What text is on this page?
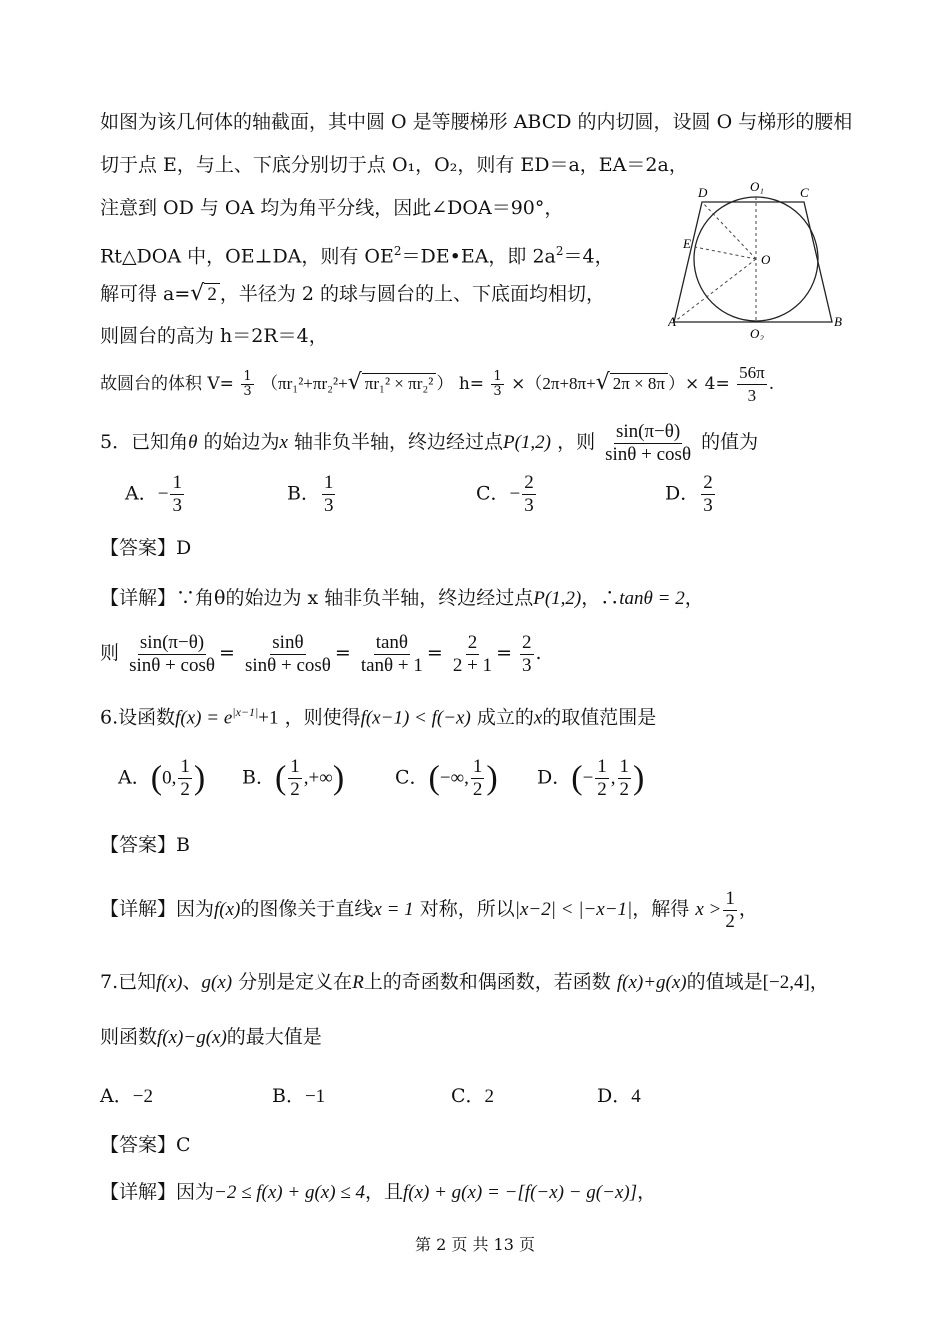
如图为该几何体的轴截面，其中圆 O 是等腰梯形 ABCD 的内切圆，设圆 O 与梯形的腰相
切于点 E，与上、下底分别切于点 O₁，O₂，则有 ED＝a，EA＝2a，
注意到 OD 与 OA 均为角平分线，因此∠DOA＝90°，
Rt△DOA 中，OE⊥DA，则有 $OE^2=DE•EA$，即 $2a^2=4$，
解可得 a=√ 2 ，半径为 2 的球与圆台的上、下底面均相切，
则圆台的高为 h＝2R＝4，
故圆台的体积 $V= \frac{1}{3} (\pi r_1^2+\pi r_2^2+√$ πr₁² × πr₂² ） $h= \frac{1}{3} \times(2\pi+8\pi+√$ 2π × 8π ）× $4= \frac{56\pi}{3}$ .
D	O₁	C
E
O
A
O₂
B
5．已知角θ 的始边为x 轴非负半轴，终边经过点P(1,2) ，则 $\frac{\sin(\pi-\theta)}{\sin\theta + \cos\theta}$ 的值为
A．− $\frac{1}{3}$	B． $\frac{1}{3}$	C．− $\frac{2}{3}$	D． $\frac{2}{3}$
【答案】D
【详解】∵角θ的始边为 x 轴非负半轴，终边经过点P(1,2)，∴tanθ = 2，
则 $\frac{\sin(\pi-\theta)}{\sin\theta + \cos\theta} = \frac{\sin\theta}{\sin\theta + \cos\theta} = \frac{\tan\theta}{\tan\theta + 1} = \frac{2}{2 + 1} = \frac{2}{3}$ .
6.设函数$f(x) = e^{|x-1|}+1$ ，则使得f(x−1) < f(−x) 成立的x的取值范围是
A．(0, $\frac{1}{2}$ ) B．( $\frac{1}{2}$ ,+∞)	C．(−∞, $\frac{1}{2}$ ) D．(− $\frac{1}{2}$ , $\frac{1}{2}$ )
【答案】B
【详解】因为f(x)的图像关于直线x = 1 对称，所以|x−2| < |−x−1|，解得 $x > \frac{1}{2}$ ，
7.已知f(x)、g(x) 分别是定义在R上的奇函数和偶函数，若函数 f(x)+g(x)的值域是[−2,4]，
则函数f(x)−g(x)的最大值是
A．−2	B．−1	C．2	D．4
【答案】C
【详解】因为−2 ≤ f(x) + g(x) ≤ 4，且f(x) + g(x) = −[f(−x) − g(−x)]，
第 2 页 共 13 页
